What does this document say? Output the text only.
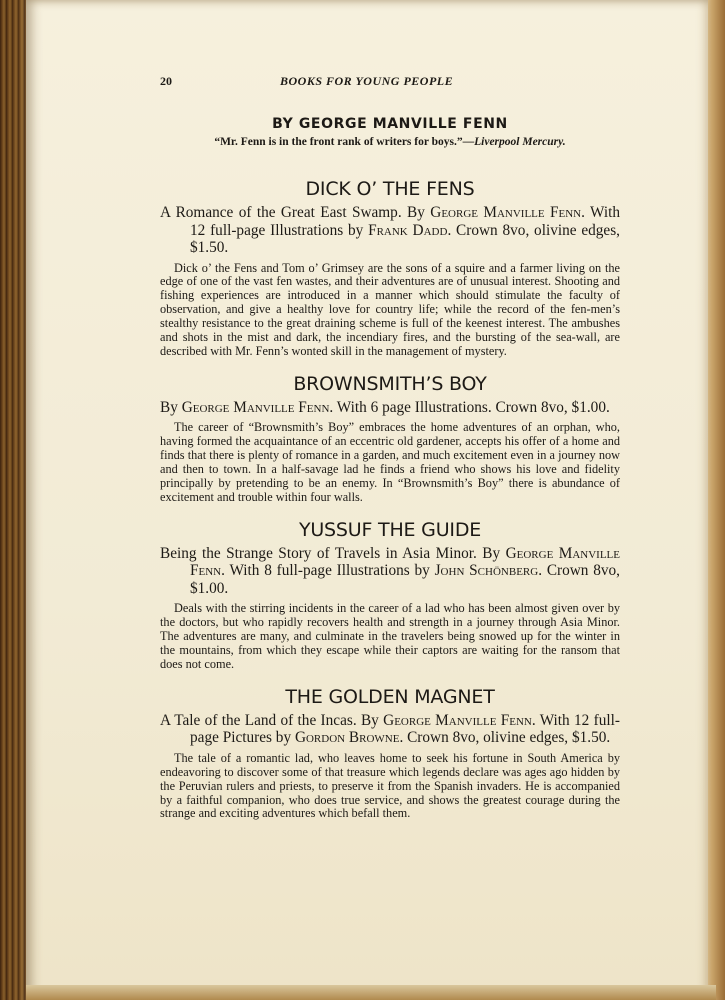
20	BOOKS FOR YOUNG PEOPLE
BY GEORGE MANVILLE FENN
“Mr. Fenn is in the front rank of writers for boys.”—Liverpool Mercury.
DICK O’ THE FENS
A Romance of the Great East Swamp. By George Manville Fenn. With 12 full-page Illustrations by Frank Dadd. Crown 8vo, olivine edges, $1.50.

Dick o’ the Fens and Tom o’ Grimsey are the sons of a squire and a farmer living on the edge of one of the vast fen wastes, and their adventures are of unusual interest. Shooting and fishing experiences are introduced in a manner which should stimulate the faculty of observation, and give a healthy love for country life; while the record of the fen-men’s stealthy resistance to the great draining scheme is full of the keenest interest. The ambushes and shots in the mist and dark, the incendiary fires, and the bursting of the sea-wall, are described with Mr. Fenn’s wonted skill in the management of mystery.

BROWNSMITH’S BOY
By George Manville Fenn. With 6 page Illustrations. Crown 8vo, $1.00.

The career of “Brownsmith’s Boy” embraces the home adventures of an orphan, who, having formed the acquaintance of an eccentric old gardener, accepts his offer of a home and finds that there is plenty of romance in a garden, and much excitement even in a journey now and then to town. In a half-savage lad he finds a friend who shows his love and fidelity principally by pretending to be an enemy. In “Brownsmith’s Boy” there is abundance of excitement and trouble within four walls.

YUSSUF THE GUIDE
Being the Strange Story of Travels in Asia Minor. By George Manville Fenn. With 8 full-page Illustrations by John Schönberg. Crown 8vo, $1.00.

Deals with the stirring incidents in the career of a lad who has been almost given over by the doctors, but who rapidly recovers health and strength in a journey through Asia Minor. The adventures are many, and culminate in the travelers being snowed up for the winter in the mountains, from which they escape while their captors are waiting for the ransom that does not come.

THE GOLDEN MAGNET
A Tale of the Land of the Incas. By George Manville Fenn. With 12 full-page Pictures by Gordon Browne. Crown 8vo, olivine edges, $1.50.

The tale of a romantic lad, who leaves home to seek his fortune in South America by endeavoring to discover some of that treasure which legends declare was ages ago hidden by the Peruvian rulers and priests, to preserve it from the Spanish invaders. He is accompanied by a faithful companion, who does true service, and shows the greatest courage during the strange and exciting adventures which befall them.
